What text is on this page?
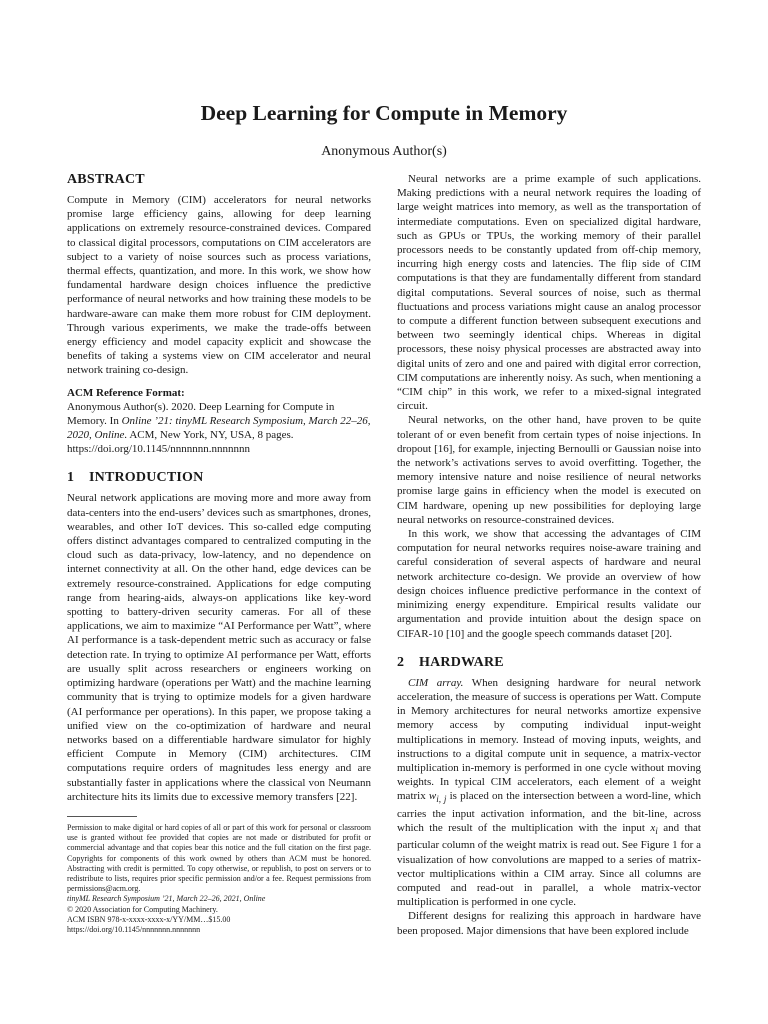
Deep Learning for Compute in Memory
Anonymous Author(s)
ABSTRACT

Compute in Memory (CIM) accelerators for neural networks promise large efficiency gains, allowing for deep learning applications on extremely resource-constrained devices. Compared to classical digital processors, computations on CIM accelerators are subject to a variety of noise sources such as process variations, thermal effects, quantization, and more. In this work, we show how fundamental hardware design choices influence the predictive performance of neural networks and how training these models to be hardware-aware can make them more robust for CIM deployment. Through various experiments, we make the trade-offs between energy efficiency and model capacity explicit and showcase the benefits of taking a systems view on CIM accelerator and neural network training co-design.

ACM Reference Format:

Anonymous Author(s). 2020. Deep Learning for Compute in Memory. In Online ’21: tinyML Research Symposium, March 22–26, 2020, Online. ACM, New York, NY, USA, 8 pages. https://doi.org/10.1145/nnnnnnn.nnnnnnn

1 INTRODUCTION

Neural network applications are moving more and more away from data-centers into the end-users’ devices such as smartphones, drones, wearables, and other IoT devices. This so-called edge computing offers distinct advantages compared to centralized computing in the cloud such as data-privacy, low-latency, and no dependence on internet connectivity at all. On the other hand, edge devices can be extremely resource-constrained. Applications for edge computing range from hearing-aids, always-on applications like key-word spotting to battery-driven security cameras. For all of these applications, we aim to maximize “AI Performance per Watt”, where AI performance is a task-dependent metric such as accuracy or false detection rate. In trying to optimize AI performance per Watt, efforts are usually split across researchers or engineers working on optimizing hardware (operations per Watt) and the machine learning community that is trying to optimize models for a given hardware (AI performance per operations). In this paper, we propose taking a unified view on the co-optimization of hardware and neural networks based on a differentiable hardware simulator for highly efficient Compute in Memory (CIM) architectures. CIM computations require orders of magnitudes less energy and are substantially faster in applications where the classical von Neumann architecture hits its limits due to excessive memory transfers [22].

Permission to make digital or hard copies of all or part of this work for personal or classroom use is granted without fee provided that copies are not made or distributed for profit or commercial advantage and that copies bear this notice and the full citation on the first page. Copyrights for components of this work owned by others than ACM must be honored. Abstracting with credit is permitted. To copy otherwise, or republish, to post on servers or to redistribute to lists, requires prior specific permission and/or a fee. Request permissions from permissions@acm.org.

tinyML Research Symposium ’21, March 22–26, 2021, Online

© 2020 Association for Computing Machinery.

ACM ISBN 978-x-xxxx-xxxx-x/YY/MM…$15.00

https://doi.org/10.1145/nnnnnnn.nnnnnnn

Neural networks are a prime example of such applications. Making predictions with a neural network requires the loading of large weight matrices into memory, as well as the transportation of intermediate computations. Even on specialized digital hardware, such as GPUs or TPUs, the working memory of their parallel processors needs to be constantly updated from off-chip memory, incurring high energy costs and latencies. The flip side of CIM computations is that they are fundamentally different from standard digital computations. Several sources of noise, such as thermal fluctuations and process variations might cause an analog processor to compute a different function between subsequent executions and between two seemingly identical chips. Whereas in digital processors, these noisy physical processes are abstracted away into digital units of zero and one and paired with digital error correction, CIM computations are inherently noisy. As such, when mentioning a “CIM chip” in this work, we refer to a mixed-signal integrated circuit.

Neural networks, on the other hand, have proven to be quite tolerant of or even benefit from certain types of noise injections. In dropout [16], for example, injecting Bernoulli or Gaussian noise into the network’s activations serves to avoid overfitting. Together, the memory intensive nature and noise resilience of neural networks promise large gains in efficiency when the model is executed on CIM hardware, opening up new possibilities for deploying large neural networks on resource-constrained devices.

In this work, we show that accessing the advantages of CIM computation for neural networks requires noise-aware training and careful consideration of several aspects of hardware and neural network architecture co-design. We provide an overview of how design choices influence predictive performance in the context of minimizing energy expenditure. Empirical results validate our argumentation and provide intuition about the design space on CIFAR-10 [10] and the google speech commands dataset [20].

2 HARDWARE

CIM array. When designing hardware for neural network acceleration, the measure of success is operations per Watt. Compute in Memory architectures for neural networks amortize expensive memory access by computing individual input-weight multiplications in memory. Instead of moving inputs, weights, and instructions to a digital compute unit in sequence, a matrix-vector multiplication in-memory is performed in one cycle without moving weights. In typical CIM accelerators, each element of a weight matrix $w_{i, j}$ is placed on the intersection between a word-line, which carries the input activation information, and the bit-line, across which the result of the multiplication with the input $x_i$ and that particular column of the weight matrix is read out. See Figure 1 for a visualization of how convolutions are mapped to a series of matrix-vector multiplications within a CIM array. Since all columns are computed and read-out in parallel, a whole matrix-vector multiplication is performed in one cycle.

Different designs for realizing this approach in hardware have been proposed. Major dimensions that have been explored include
